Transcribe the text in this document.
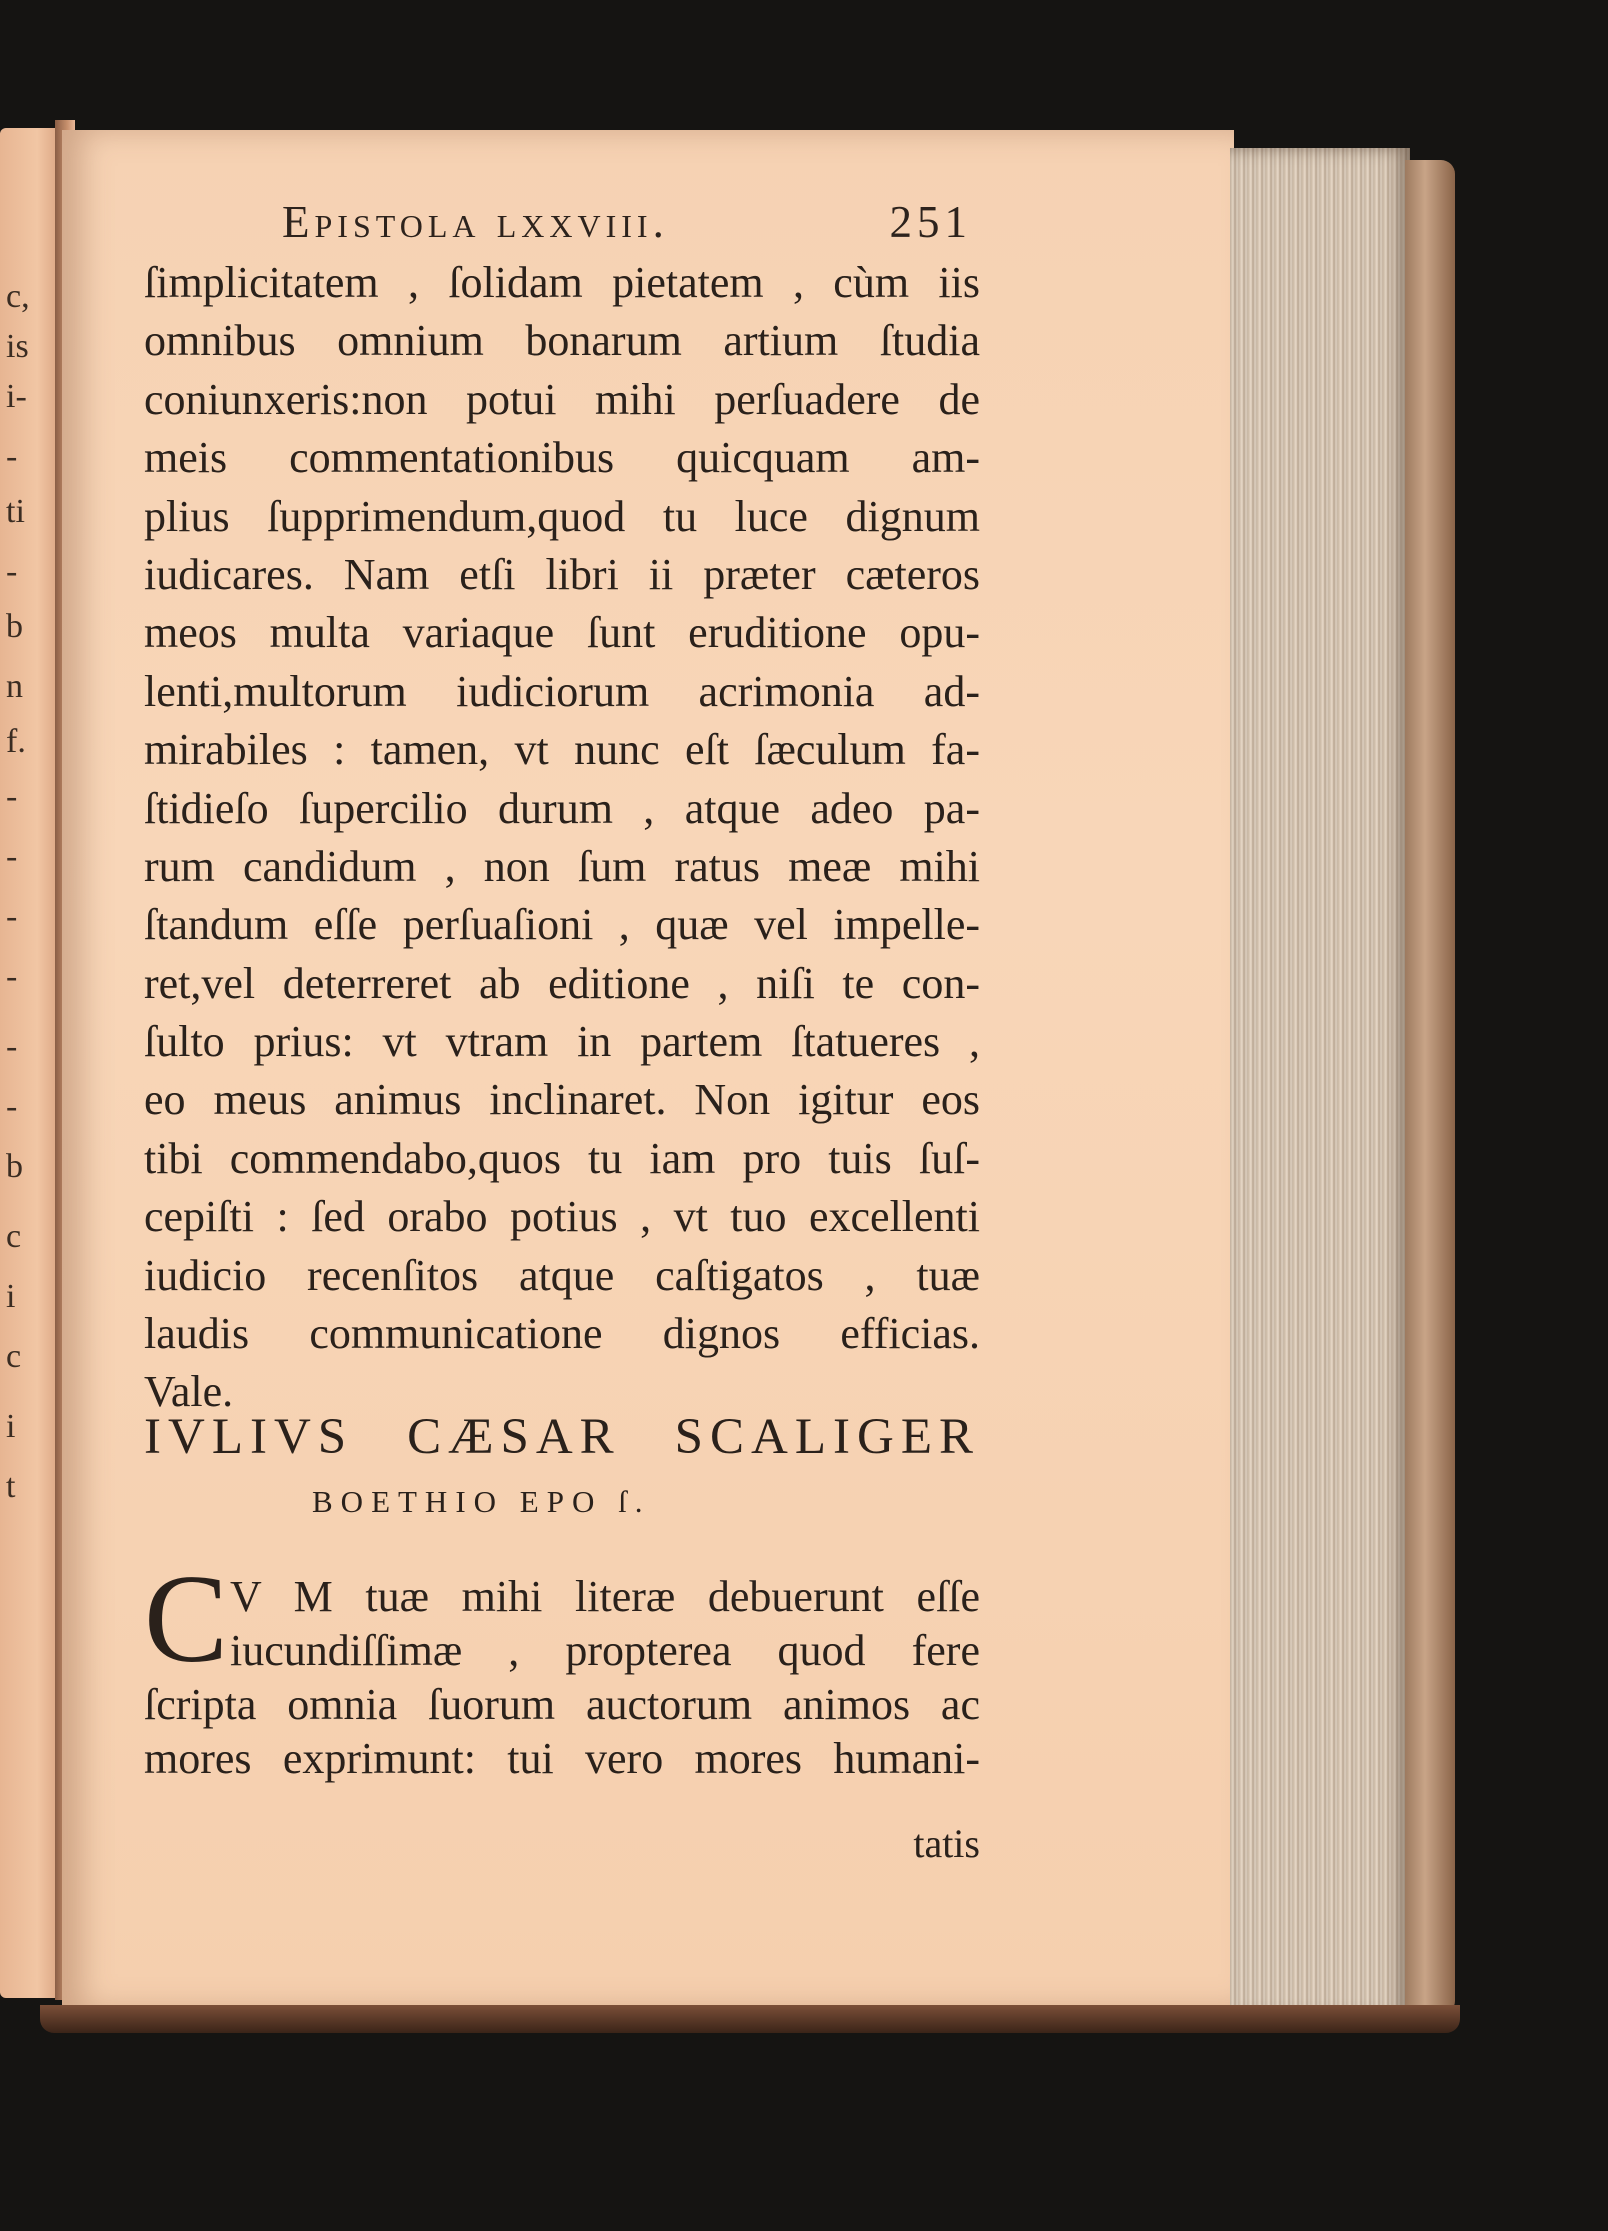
c,
is
i-
-
ti
-
b
n
f.
-
-
-
-
-
-
b
c
i
c
i
t
Epistola lxxviii.	251
ſimplicitatem , ſolidam pietatem , cùm iis
omnibus omnium bonarum artium ſtudia
coniunxeris:non potui mihi perſuadere de
meis commentationibus quicquam am-
plius ſupprimendum,quod tu luce dignum
iudicares. Nam etſi libri ii præter cæteros
meos multa variaque ſunt eruditione opu-
lenti,multorum iudiciorum acrimonia ad-
mirabiles : tamen, vt nunc eſt ſæculum fa-
ſtidieſo ſupercilio durum , atque adeo pa-
rum candidum , non ſum ratus meæ mihi
ſtandum eſſe perſuaſioni , quæ vel impelle-
ret,vel deterreret ab editione , niſi te con-
ſulto prius: vt vtram in partem ſtatueres ,
eo meus animus inclinaret. Non igitur eos
tibi commendabo,quos tu iam pro tuis ſuſ-
cepiſti : ſed orabo potius , vt tuo excellenti
iudicio recenſitos atque caſtigatos , tuæ
laudis communicatione dignos efficias.
Vale.
IVLIVS CÆSAR SCALIGER
BOETHIO EPO ſ.
C V M tuæ mihi literæ debuerunt eſſe
iucundiſſimæ , propterea quod fere
ſcripta omnia ſuorum auctorum animos ac
mores exprimunt: tui vero mores humani-
tatis
